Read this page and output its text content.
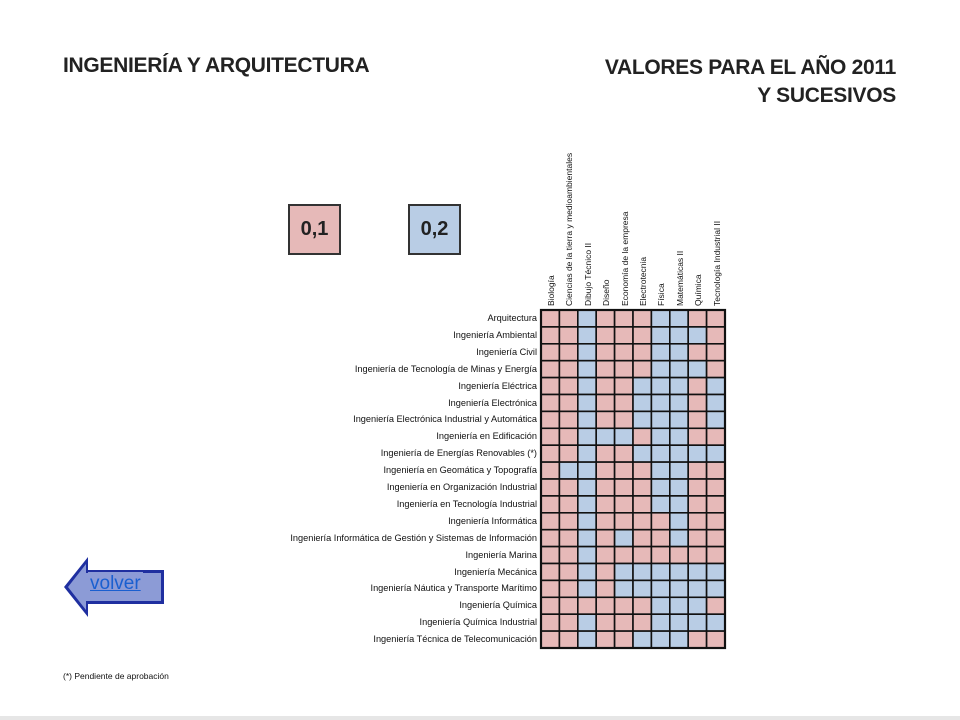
INGENIERÍA Y ARQUITECTURA	VALORES PARA EL AÑO 2011
Y SUCESIVOS
0,1	0,2
Biología Ciencias de la tierra y medioambientales Dibujo Técnico II Diseño Economía de la empresa Electrotecnia Física Matemáticas II Química Tecnología Industrial II
Arquitectura
Ingeniería Ambiental
Ingeniería Civil
Ingeniería de Tecnología de Minas y Energía
Ingeniería Eléctrica
Ingeniería Electrónica
Ingeniería Electrónica Industrial y Automática
Ingeniería en Edificación
Ingeniería de Energías Renovables (*)
Ingeniería en Geomática y Topografía
Ingeniería en Organización Industrial
Ingeniería en Tecnología Industrial
Ingeniería Informática
Ingeniería Informática de Gestión y Sistemas de Información
Ingeniería Marina
Ingeniería Mecánica
Ingeniería Náutica y Transporte Marítimo
Ingeniería Química
Ingeniería Química Industrial
Ingeniería Técnica de Telecomunicación
volver
(*) Pendiente de aprobación
